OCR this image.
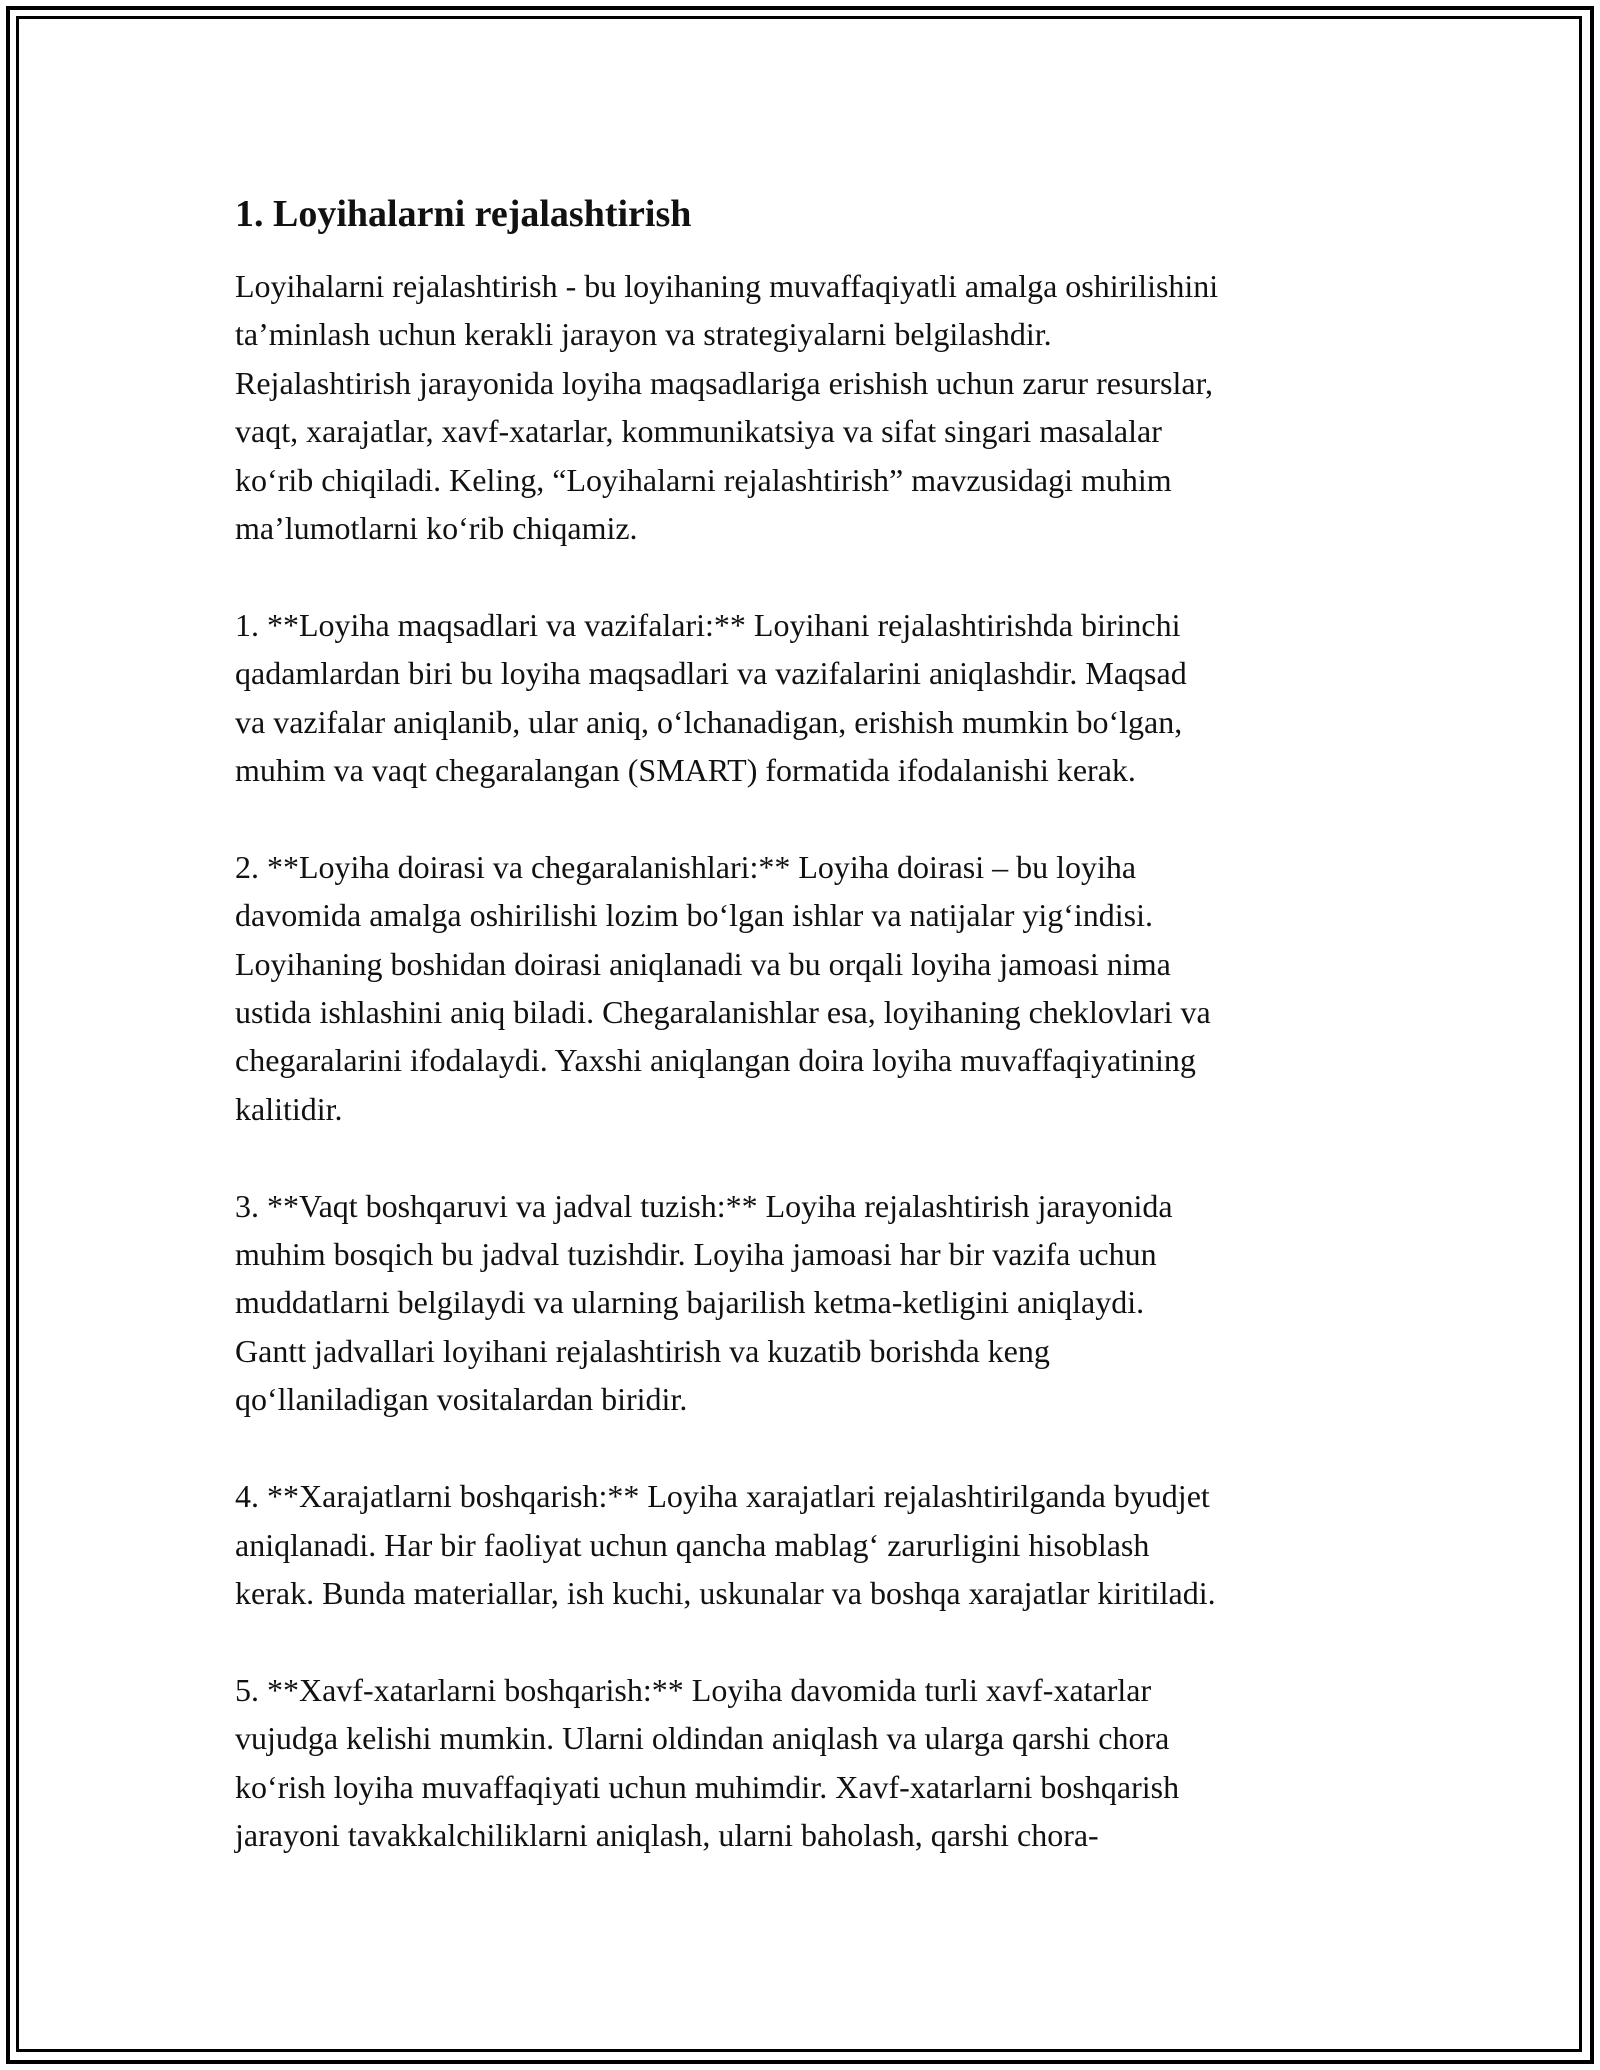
1. Loyihalarni rejalashtirish
Loyihalarni rejalashtirish - bu loyihaning muvaffaqiyatli amalga oshirilishini
ta’minlash uchun kerakli jarayon va strategiyalarni belgilashdir.
Rejalashtirish jarayonida loyiha maqsadlariga erishish uchun zarur resurslar,
vaqt, xarajatlar, xavf-xatarlar, kommunikatsiya va sifat singari masalalar
ko‘rib chiqiladi. Keling, “Loyihalarni rejalashtirish” mavzusidagi muhim
ma’lumotlarni ko‘rib chiqamiz.
1. **Loyiha maqsadlari va vazifalari:** Loyihani rejalashtirishda birinchi
qadamlardan biri bu loyiha maqsadlari va vazifalarini aniqlashdir. Maqsad
va vazifalar aniqlanib, ular aniq, o‘lchanadigan, erishish mumkin bo‘lgan,
muhim va vaqt chegaralangan (SMART) formatida ifodalanishi kerak.
2. **Loyiha doirasi va chegaralanishlari:** Loyiha doirasi – bu loyiha
davomida amalga oshirilishi lozim bo‘lgan ishlar va natijalar yig‘indisi.
Loyihaning boshidan doirasi aniqlanadi va bu orqali loyiha jamoasi nima
ustida ishlashini aniq biladi. Chegaralanishlar esa, loyihaning cheklovlari va
chegaralarini ifodalaydi. Yaxshi aniqlangan doira loyiha muvaffaqiyatining
kalitidir.
3. **Vaqt boshqaruvi va jadval tuzish:** Loyiha rejalashtirish jarayonida
muhim bosqich bu jadval tuzishdir. Loyiha jamoasi har bir vazifa uchun
muddatlarni belgilaydi va ularning bajarilish ketma-ketligini aniqlaydi.
Gantt jadvallari loyihani rejalashtirish va kuzatib borishda keng
qo‘llaniladigan vositalardan biridir.
4. **Xarajatlarni boshqarish:** Loyiha xarajatlari rejalashtirilganda byudjet
aniqlanadi. Har bir faoliyat uchun qancha mablag‘ zarurligini hisoblash
kerak. Bunda materiallar, ish kuchi, uskunalar va boshqa xarajatlar kiritiladi.
5. **Xavf-xatarlarni boshqarish:** Loyiha davomida turli xavf-xatarlar
vujudga kelishi mumkin. Ularni oldindan aniqlash va ularga qarshi chora
ko‘rish loyiha muvaffaqiyati uchun muhimdir. Xavf-xatarlarni boshqarish
jarayoni tavakkalchiliklarni aniqlash, ularni baholash, qarshi chora-
